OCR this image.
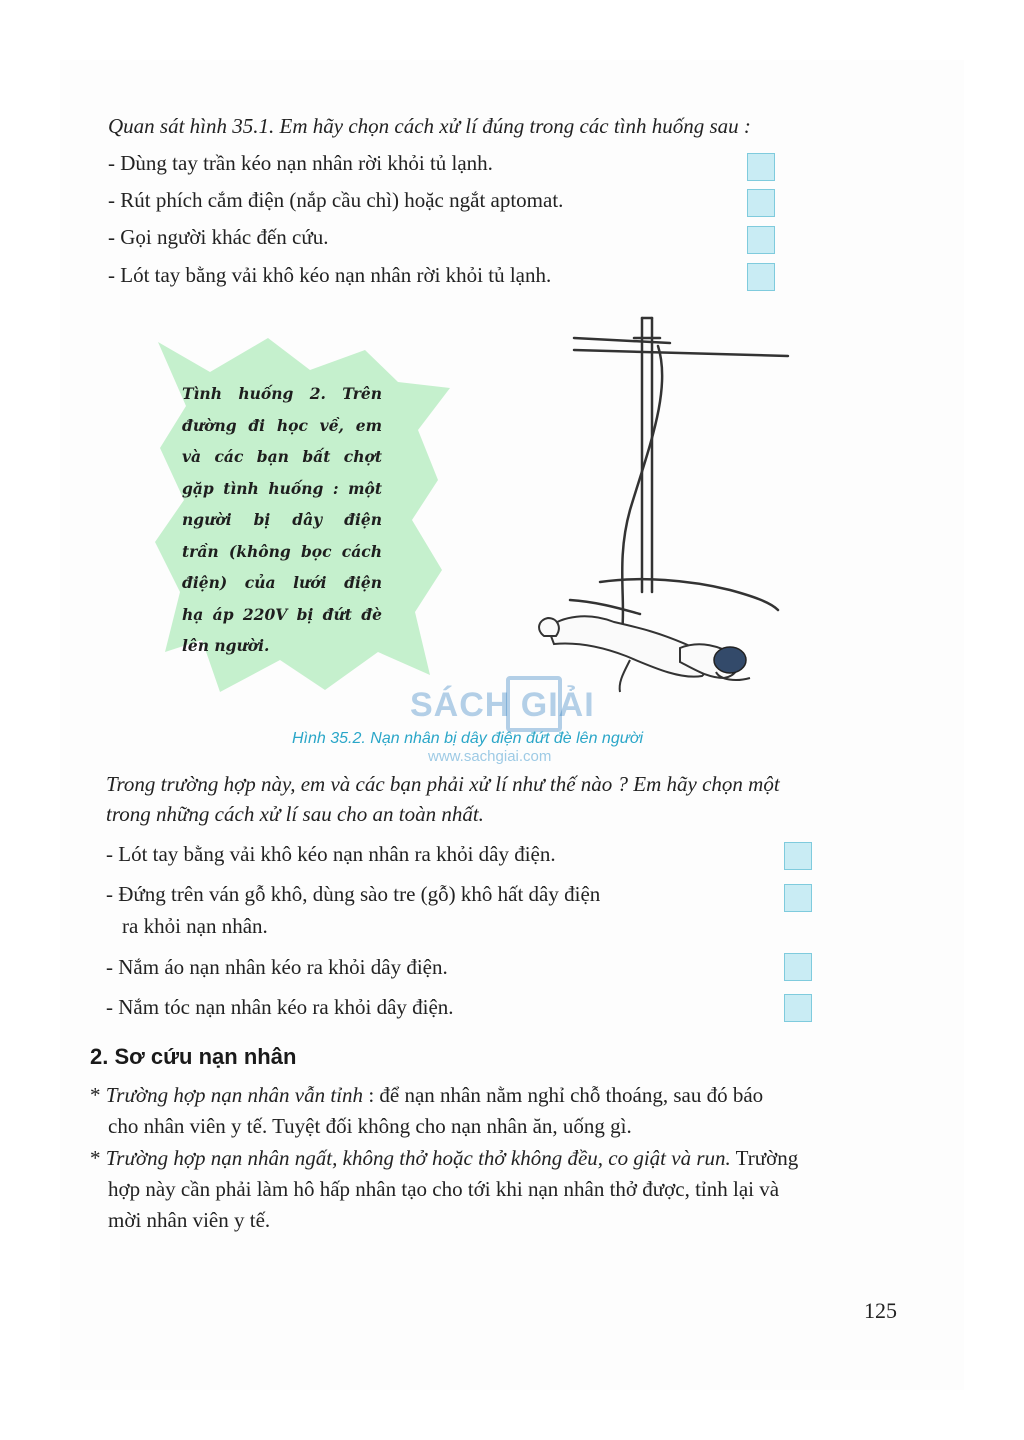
Quan sát hình 35.1. Em hãy chọn cách xử lí đúng trong các tình huống sau :
- Dùng tay trần kéo nạn nhân rời khỏi tủ lạnh.
- Rút phích cắm điện (nắp cầu chì) hoặc ngắt aptomat.
- Gọi người khác đến cứu.
- Lót tay bằng vải khô kéo nạn nhân rời khỏi tủ lạnh.
Tình huống 2. Trên
đường đi học về, em
và các bạn bất chợt
gặp tình huống : một
người bị dây điện
trần (không bọc cách
điện) của lưới điện
hạ áp 220V bị đứt đè
lên người.
SÁCH GIẢI
Hình 35.2. Nạn nhân bị dây điện đứt đè lên người
www.sachgiai.com
Trong trường hợp này, em và các bạn phải xử lí như thế nào ? Em hãy chọn một
trong những cách xử lí sau cho an toàn nhất.
- Lót tay bằng vải khô kéo nạn nhân ra khỏi dây điện.
- Đứng trên ván gỗ khô, dùng sào tre (gỗ) khô hất dây điện
ra khỏi nạn nhân.
- Nắm áo nạn nhân kéo ra khỏi dây điện.
- Nắm tóc nạn nhân kéo ra khỏi dây điện.
2. Sơ cứu nạn nhân
* Trường hợp nạn nhân vẫn tỉnh : để nạn nhân nằm nghỉ chỗ thoáng, sau đó báo
cho nhân viên y tế. Tuyệt đối không cho nạn nhân ăn, uống gì.
* Trường hợp nạn nhân ngất, không thở hoặc thở không đều, co giật và run. Trường
hợp này cần phải làm hô hấp nhân tạo cho tới khi nạn nhân thở được, tỉnh lại và
mời nhân viên y tế.
125
